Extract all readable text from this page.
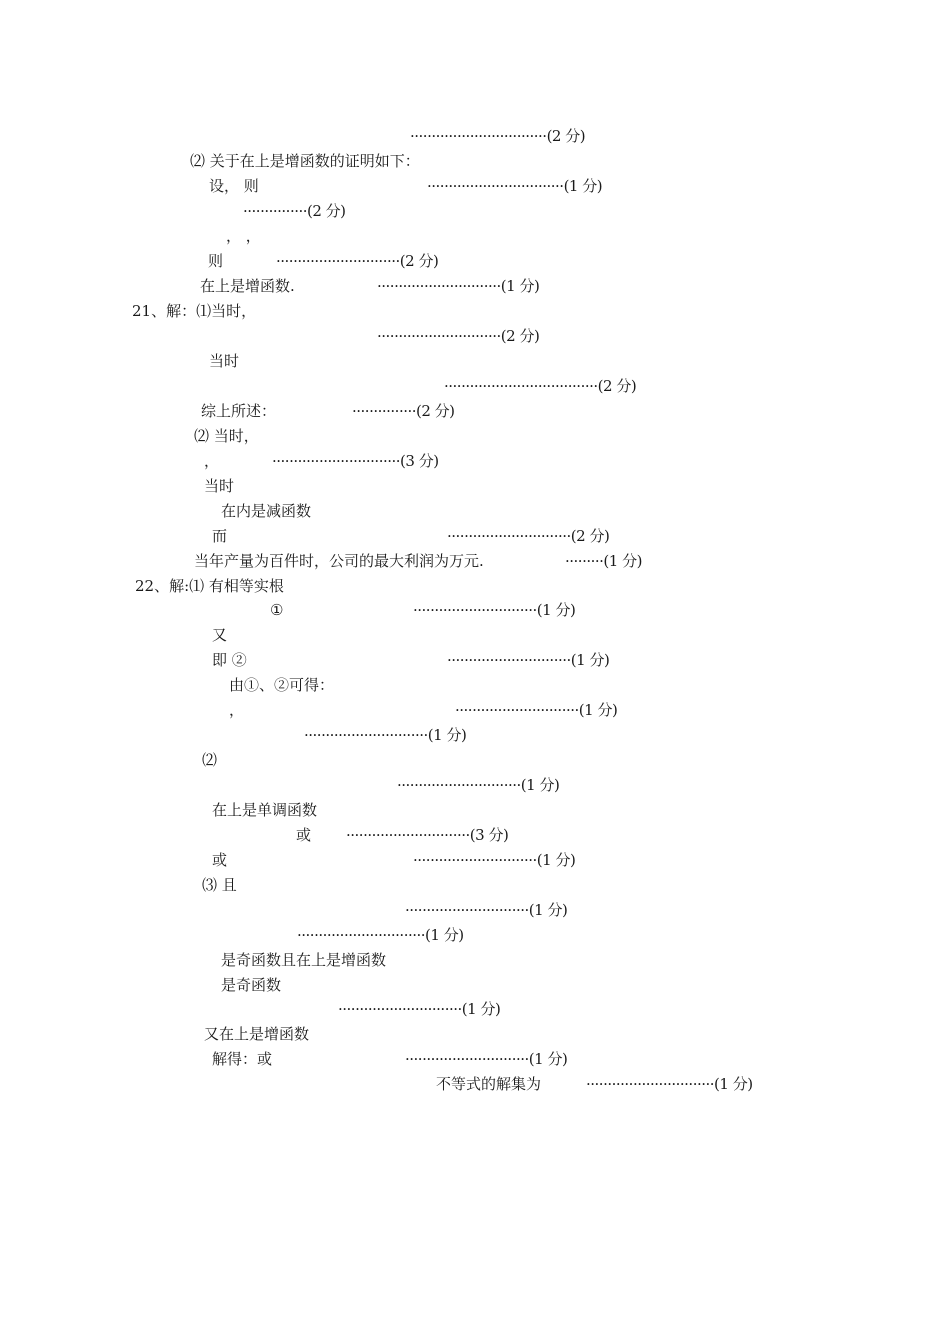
································(2 分)
⑵ 关于在上是增函数的证明如下：
设， 则	································(1 分)
···············(2 分)
， ，
则	·····························(2 分)
在上是增函数.	·····························(1 分)
21、解：⑴当时，
·····························(2 分)
当时
····································(2 分)
综上所述：	···············(2 分)
⑵ 当时，
，	······························(3 分)
当时
在内是减函数
而	·····························(2 分)
当年产量为百件时，公司的最大利润为万元.	·········(1 分)
22、解:⑴ 有相等实根
①	·····························(1 分)
又
即 ②	·····························(1 分)
由①、②可得：
，	·····························(1 分)
·····························(1 分)
⑵
·····························(1 分)
在上是单调函数
或 ·····························(3 分)
或	·····························(1 分)
⑶ 且
·····························(1 分)
······························(1 分)
是奇函数且在上是增函数
是奇函数
·····························(1 分)
又在上是增函数
解得：或	·····························(1 分)
不等式的解集为	······························(1 分)
